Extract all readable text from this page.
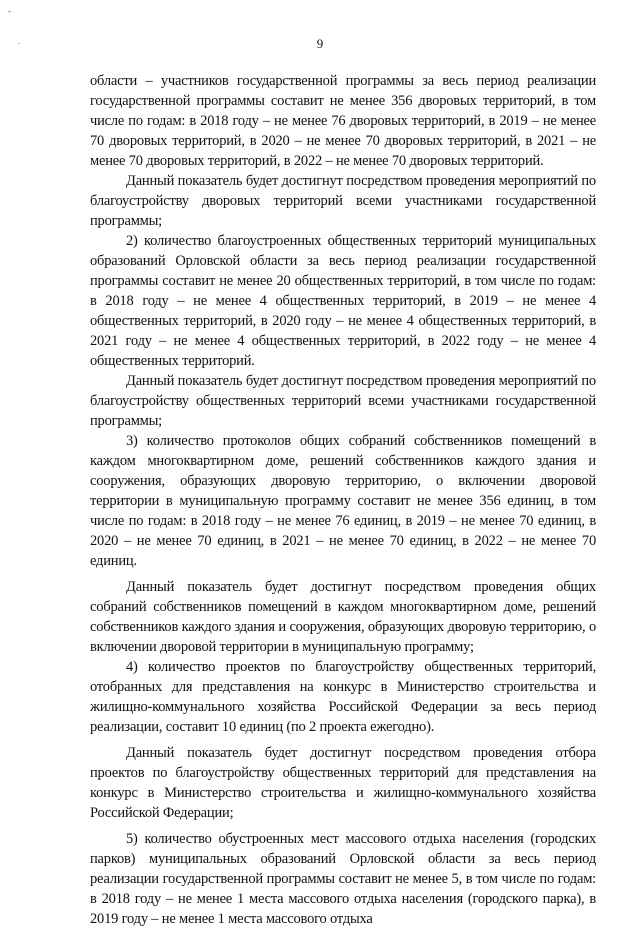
-
.	9

области – участников государственной программы за весь период реализации государственной программы составит не менее 356 дворовых территорий, в том числе по годам: в 2018 году – не менее 76 дворовых территорий, в 2019 – не менее 70 дворовых территорий, в 2020 – не менее 70 дворовых территорий, в 2021 – не менее 70 дворовых территорий, в 2022 – не менее 70 дворовых территорий.

Данный показатель будет достигнут посредством проведения мероприятий по благоустройству дворовых территорий всеми участниками государственной программы;

2) количество благоустроенных общественных территорий муниципальных образований Орловской области за весь период реализации государственной программы составит не менее 20 общественных территорий, в том числе по годам: в 2018 году – не менее 4 общественных территорий, в 2019 – не менее 4 общественных территорий, в 2020 году – не менее 4 общественных территорий, в 2021 году – не менее 4 общественных территорий, в 2022 году – не менее 4 общественных территорий.

Данный показатель будет достигнут посредством проведения мероприятий по благоустройству общественных территорий всеми участниками государственной программы;

3) количество протоколов общих собраний собственников помещений в каждом многоквартирном доме, решений собственников каждого здания и сооружения, образующих дворовую территорию, о включении дворовой территории в муниципальную программу составит не менее 356 единиц, в том числе по годам: в 2018 году – не менее 76 единиц, в 2019 – не менее 70 единиц, в 2020 – не менее 70 единиц, в 2021 – не менее 70 единиц, в 2022 – не менее 70 единиц.

Данный показатель будет достигнут посредством проведения общих собраний собственников помещений в каждом многоквартирном доме, решений собственников каждого здания и сооружения, образующих дворовую территорию, о включении дворовой территории в муниципальную программу;

4) количество проектов по благоустройству общественных территорий, отобранных для представления на конкурс в Министерство строительства и жилищно-коммунального хозяйства Российской Федерации за весь период реализации, составит 10 единиц (по 2 проекта ежегодно).

Данный показатель будет достигнут посредством проведения отбора проектов по благоустройству общественных территорий для представления на конкурс в Министерство строительства и жилищно-коммунального хозяйства Российской Федерации;

5) количество обустроенных мест массового отдыха населения (городских парков) муниципальных образований Орловской области за весь период реализации государственной программы составит не менее 5, в том числе по годам: в 2018 году – не менее 1 места массового отдыха населения (городского парка), в 2019 году – не менее 1 места массового отдыха
